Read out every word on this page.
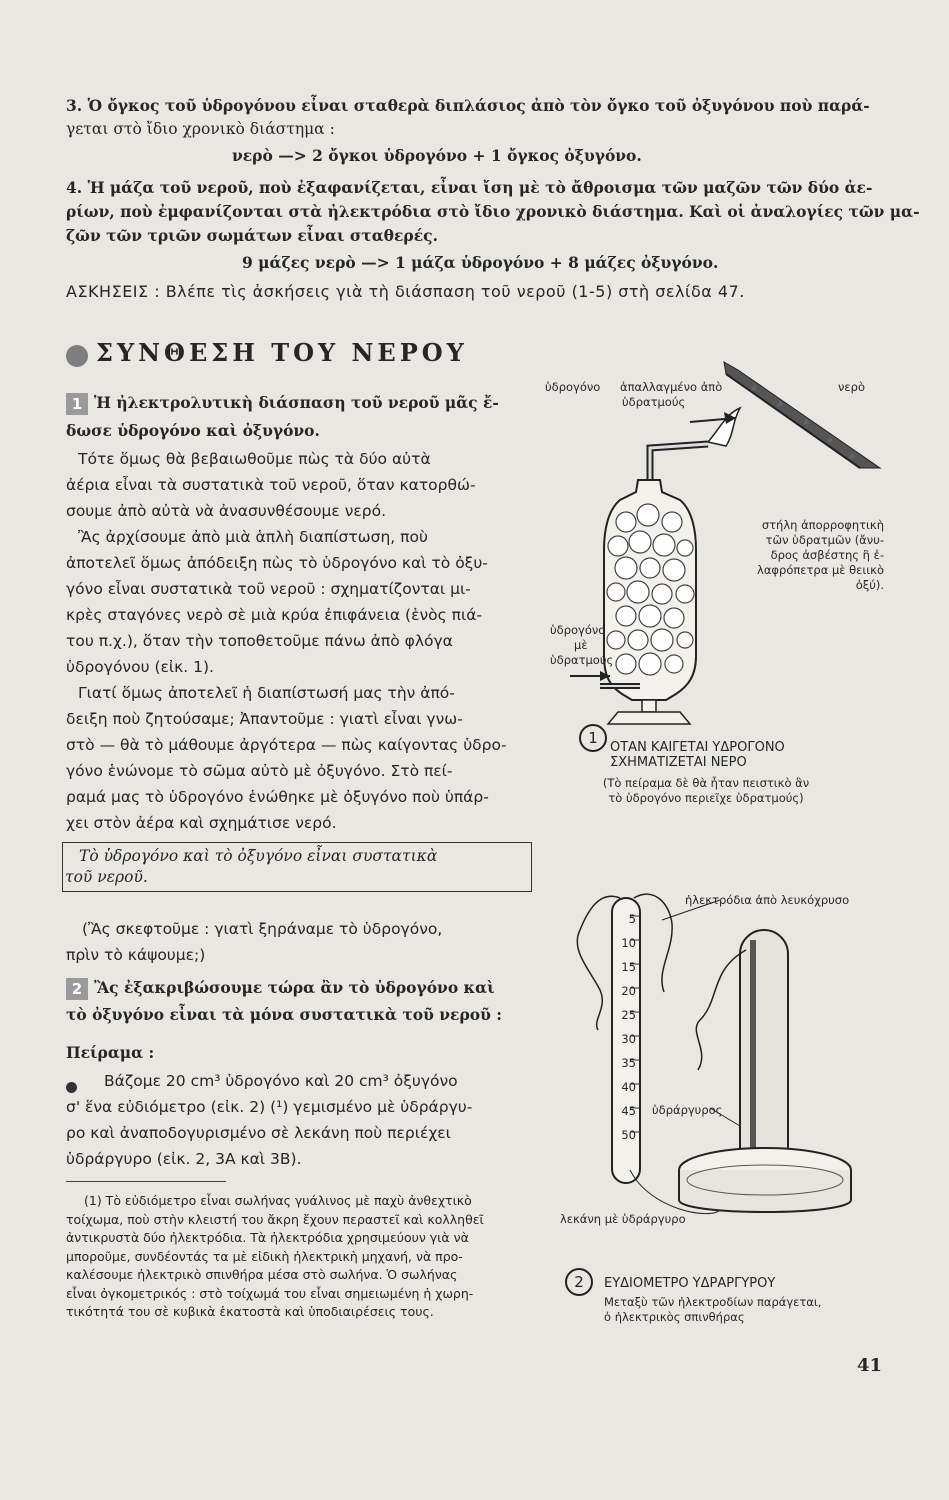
3. Ὁ ὄγκος τοῦ ὑδρογόνου εἶναι σταθερὰ διπλάσιος ἀπὸ τὸν ὄγκο τοῦ ὀξυγόνου ποὺ παρά-
γεται στὸ ἴδιο χρονικὸ διάστημα :
νερὸ —> 2 ὄγκοι ὑδρογόνο + 1 ὄγκος ὀξυγόνο.
4. Ἡ μάζα τοῦ νεροῦ, ποὺ ἐξαφανίζεται, εἶναι ἴση μὲ τὸ ἄθροισμα τῶν μαζῶν τῶν δύο ἀε-
ρίων, ποὺ ἐμφανίζονται στὰ ἠλεκτρόδια στὸ ἴδιο χρονικὸ διάστημα. Καὶ οἱ ἀναλογίες τῶν μα-
ζῶν τῶν τριῶν σωμάτων εἶναι σταθερές.
9 μάζες νερὸ —> 1 μάζα ὑδρογόνο + 8 μάζες ὀξυγόνο.
ΑΣΚΗΣΕΙΣ : Βλέπε τὶς ἀσκήσεις γιὰ τὴ διάσπαση τοῦ νεροῦ (1-5) στὴ σελίδα 47.
ΣΥΝΘΕΣΗ ΤΟΥ ΝΕΡΟΥ
1 Ἡ ἠλεκτρολυτικὴ διάσπαση τοῦ νεροῦ μᾶς ἔ-
δωσε ὑδρογόνο καὶ ὀξυγόνο.
Τότε ὅμως θὰ βεβαιωθοῦμε πὼς τὰ δύο αὐτὰ
ἀέρια εἶναι τὰ συστατικὰ τοῦ νεροῦ, ὅταν κατορθώ-
σουμε ἀπὸ αὐτὰ νὰ ἀνασυνθέσουμε νερό.
Ἂς ἀρχίσουμε ἀπὸ μιὰ ἁπλὴ διαπίστωση, ποὺ
ἀποτελεῖ ὅμως ἀπόδειξη πὼς τὸ ὑδρογόνο καὶ τὸ ὀξυ-
γόνο εἶναι συστατικὰ τοῦ νεροῦ : σχηματίζονται μι-
κρὲς σταγόνες νερὸ σὲ μιὰ κρύα ἐπιφάνεια (ἑνὸς πιά-
του π.χ.), ὅταν τὴν τοποθετοῦμε πάνω ἀπὸ φλόγα
ὑδρογόνου (εἰκ. 1).
Γιατί ὅμως ἀποτελεῖ ἡ διαπίστωσή μας τὴν ἀπό-
δειξη ποὺ ζητούσαμε; Ἀπαντοῦμε : γιατὶ εἶναι γνω-
στὸ — θὰ τὸ μάθουμε ἀργότερα — πὼς καίγοντας ὑδρο-
γόνο ἑνώνομε τὸ σῶμα αὐτὸ μὲ ὀξυγόνο. Στὸ πεί-
ραμά μας τὸ ὑδρογόνο ἑνώθηκε μὲ ὀξυγόνο ποὺ ὑπάρ-
χει στὸν ἀέρα καὶ σχημάτισε νερό.
Τὸ ὑδρογόνο καὶ τὸ ὀξυγόνο εἶναι συστατικὰ
τοῦ νεροῦ.
(Ἂς σκεφτοῦμε : γιατὶ ξηράναμε τὸ ὑδρογόνο,
πρὶν τὸ κάψουμε;)
2 Ἂς ἐξακριβώσουμε τώρα ἂν τὸ ὑδρογόνο καὶ
τὸ ὀξυγόνο εἶναι τὰ μόνα συστατικὰ τοῦ νεροῦ :
Πείραμα :
Βάζομε 20 cm³ ὑδρογόνο καὶ 20 cm³ ὀξυγόνο
σ' ἕνα εὐδιόμετρο (εἰκ. 2) (¹) γεμισμένο μὲ ὑδράργυ-
ρο καὶ ἀναποδογυρισμένο σὲ λεκάνη ποὺ περιέχει
ὑδράργυρο (εἰκ. 2, 3Α καὶ 3Β).
(1) Τὸ εὐδιόμετρο εἶναι σωλήνας γυάλινος μὲ παχὺ ἀνθεχτικὸ
τοίχωμα, ποὺ στὴν κλειστή του ἄκρη ἔχουν περαστεῖ καὶ κολληθεῖ
ἀντικρυστὰ δύο ἠλεκτρόδια. Τὰ ἠλεκτρόδια χρησιμεύουν γιὰ νὰ
μποροῦμε, συνδέοντάς τα μὲ εἰδικὴ ἠλεκτρικὴ μηχανή, νὰ προ-
καλέσουμε ἠλεκτρικὸ σπινθήρα μέσα στὸ σωλήνα. Ὁ σωλήνας
εἶναι ὀγκομετρικός : στὸ τοίχωμά του εἶναι σημειωμένη ἡ χωρη-
τικότητά του σὲ κυβικὰ ἑκατοστὰ καὶ ὑποδιαιρέσεις τους.
ὑδρογόνο ἀπαλλαγμένο ἀπὸ
ὑδρατμούς
νερὸ
στήλη ἀπορροφητικὴ
τῶν ὑδρατμῶν (ἄνυ-
δρος ἀσβέστης ἢ ἐ-
λαφρόπετρα μὲ θειικὸ
ὀξύ).
ὑδρογόνο
μὲ
ὑδρατμούς
1
ΟΤΑΝ ΚΑΙΓΕΤΑΙ ΥΔΡΟΓΟΝΟ
ΣΧΗΜΑΤΙΖΕΤΑΙ ΝΕΡΟ
(Τὸ πείραμα δὲ θὰ ἦταν πειστικὸ ἂν
τὸ ὑδρογόνο περιεῖχε ὑδρατμούς)
ἠλεκτρόδια ἀπὸ λευκόχρυσο
ὑδράργυρος
λεκάνη μὲ ὑδράργυρο
5
10
15
20
25
30
35
40
45
50
2	ΕΥΔΙΟΜΕΤΡΟ ΥΔΡΑΡΓΥΡΟΥ
Μεταξὺ τῶν ἠλεκτροδίων παράγεται,
ὁ ἠλεκτρικὸς σπινθήρας
41
